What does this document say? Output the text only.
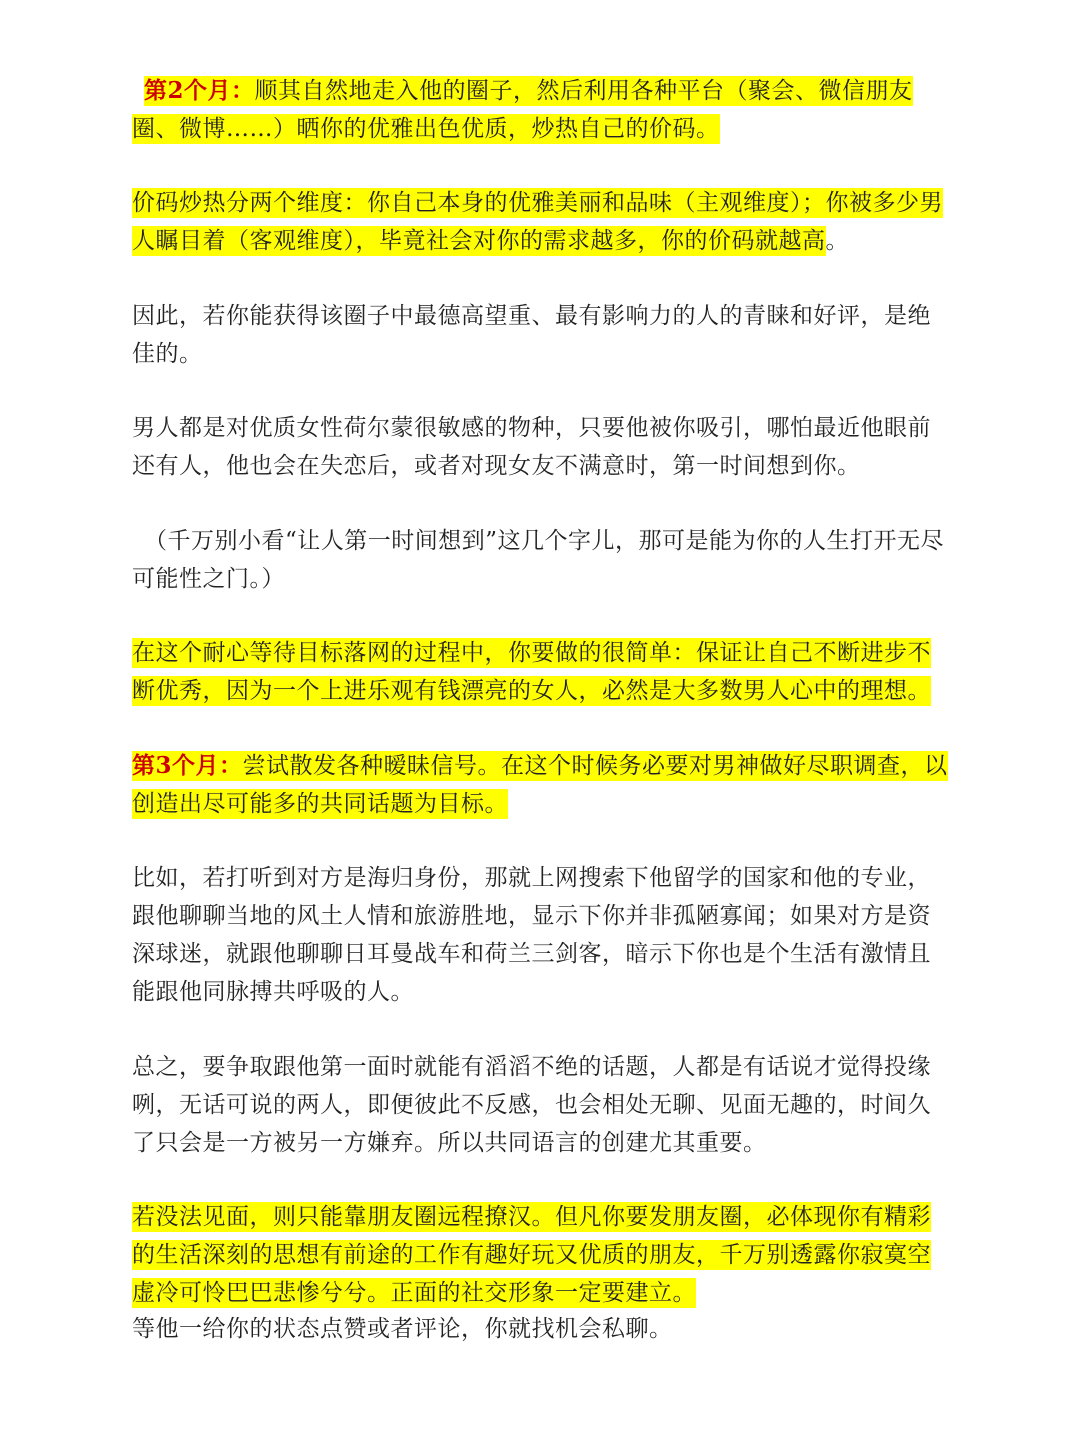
第2个月：顺其自然地走入他的圈子，然后利用各种平台（聚会、微信朋友圈、微博……）晒你的优雅出色优质，炒热自己的价码。

价码炒热分两个维度：你自己本身的优雅美丽和品味（主观维度）；你被多少男人瞩目着（客观维度），毕竟社会对你的需求越多，你的价码就越高。

因此，若你能获得该圈子中最德高望重、最有影响力的人的青睐和好评，是绝佳的。

男人都是对优质女性荷尔蒙很敏感的物种，只要他被你吸引，哪怕最近他眼前还有人，他也会在失恋后，或者对现女友不满意时，第一时间想到你。

（千万别小看“让人第一时间想到”这几个字儿，那可是能为你的人生打开无尽可能性之门。）

在这个耐心等待目标落网的过程中，你要做的很简单：保证让自己不断进步不断优秀，因为一个上进乐观有钱漂亮的女人，必然是大多数男人心中的理想。

第3个月：尝试散发各种暧昧信号。在这个时候务必要对男神做好尽职调查，以创造出尽可能多的共同话题为目标。

比如，若打听到对方是海归身份，那就上网搜索下他留学的国家和他的专业，跟他聊聊当地的风土人情和旅游胜地，显示下你并非孤陋寡闻；如果对方是资深球迷，就跟他聊聊日耳曼战车和荷兰三剑客，暗示下你也是个生活有激情且能跟他同脉搏共呼吸的人。

总之，要争取跟他第一面时就能有滔滔不绝的话题，人都是有话说才觉得投缘咧，无话可说的两人，即便彼此不反感，也会相处无聊、见面无趣的，时间久了只会是一方被另一方嫌弃。所以共同语言的创建尤其重要。

若没法见面，则只能靠朋友圈远程撩汉。但凡你要发朋友圈，必体现你有精彩的生活深刻的思想有前途的工作有趣好玩又优质的朋友，千万别透露你寂寞空虚冷可怜巴巴悲惨兮兮。正面的社交形象一定要建立。

等他一给你的状态点赞或者评论，你就找机会私聊。
